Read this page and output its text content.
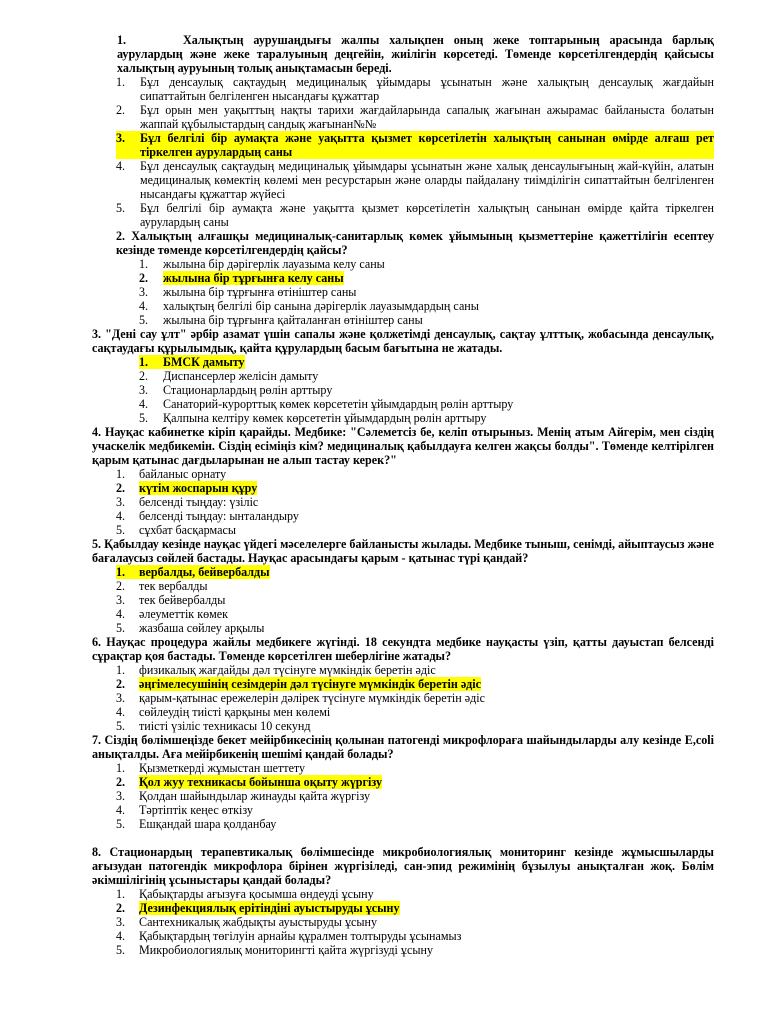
1.	Халықтың аурушаңдығы жалпы халықпен оның жеке топтарының арасында барлық аурулардың және жеке таралуының деңгейін, жиілігін көрсетеді. Төменде көрсетілгендердің қайсысы халықтың ауруының толық анықтамасын береді.
1.	Бұл денсаулық сақтаудың медициналық ұйымдары ұсынатын және халықтың денсаулық жағдайын сипаттайтын белгіленген нысандағы құжаттар
2.	Бұл орын мен уақыттың нақты тарихи жағдайларында сапалық жағынан ажырамас байланыста болатын жаппай құбылыстардың сандық жағынан№№
3.	Бұл белгілі бір аумақта және уақытта қызмет көрсетілетін халықтың санынан өмірде алғаш рет тіркелген аурулардың саны
4.	Бұл денсаулық сақтаудың медициналық ұйымдары ұсынатын және халық денсаулығының жай-күйін, алатын медициналық көмектің көлемі мен ресурстарын және оларды пайдалану тиімділігін сипаттайтын белгіленген нысандағы құжаттар жүйесі
5.	Бұл белгілі бір аумақта және уақытта қызмет көрсетілетін халықтың санынан өмірде қайта тіркелген аурулардың саны
2. Халықтың алғашқы медициналық-санитарлық көмек ұйымының қызметтеріне қажеттілігін есептеу кезінде төменде көрсетілгендердің қайсы?
1.	жылына бір дәрігерлік лауазыма келу саны
2.	жылына бір тұрғынға келу саны
3.	жылына бір тұрғынға өтініштер саны
4.	халықтың белгілі бір санына дәрігерлік лауазымдардың саны
5.	жылына бір тұрғынға қайталанған өтініштер саны
3. "Дені сау ұлт" әрбір азамат үшін сапалы және қолжетімді денсаулық, сақтау ұлттық, жобасында денсаулық, сақтаудағы құрылымдық, қайта құрулардың басым бағытына не жатады.
1. БМСК дамыту
2.	Диспансерлер желісін дамыту
3.	Стационарлардың рөлін арттыру
4.	Санаторий-курорттық көмек көрсететін ұйымдардың рөлін арттыру
5.	Қалпына келтіру көмек көрсететін ұйымдардың рөлін арттыру
4. Науқас кабинетке кіріп қарайды. Медбике: "Сәлеметсіз бе, келіп отырыныз. Менің атым Айгерім, мен сіздің учаскелік медбикемін. Сіздің есіміңіз кім? медициналық қабылдауға келген жақсы болды". Төменде келтірілген қарым қатынас дағдыларынан не алып тастау керек?"
1.	байланыс орнату
2.	күтім жоспарын құру
3.	белсенді тыңдау: үзіліс
4.	белсенді тыңдау: ынталандыру
5.	сұхбат басқармасы
5. Қабылдау кезінде науқас үйдегі мәселелерге байланысты жылады. Медбике тыныш, сенімді, айыптаусыз және бағалаусыз сөйлей бастады. Науқас арасындағы қарым - қатынас түрі қандай?
1. вербалды, бейвербалды
2.	тек вербалды
3.	тек бейвербалды
4.	әлеуметтік көмек
5.	жазбаша сөйлеу арқылы
6. Науқас процедура жайлы медбикеге жүгінді. 18 секундта медбике науқасты үзіп, қатты дауыстап белсенді сұрақтар қоя бастады. Төменде көрсетілген шеберлігіне жатады?
1.	физикалық жағдайды дәл түсінуге мүмкіндік беретін әдіс
2.	әңгімелесушінің сезімдерін дәл түсінуге мүмкіндік беретін әдіс
3.	қарым-қатынас ережелерін дәлірек түсінуге мүмкіндік беретін әдіс
4.	сөйлеудің тиісті қарқыны мен көлемі
5.	тиісті үзіліс техникасы 10 секунд
7. Сіздің бөлімшеңізде бекет мейірбикесінің қолынан патогенді микрофлораға шайындыларды алу кезінде E,coli анықталды. Аға мейірбикенің шешімі қандай болады?
1.	Қызметкерді жұмыстан шеттету
2.	Қол жуу техникасы бойынша оқыту жүргізу
3.	Қолдан шайындылар жинауды қайта жүргізу
4.	Тәртіптік кеңес өткізу
5.	Ешқандай шара қолданбау
8. Стационардың терапевтикалық бөлімшесінде микробиологиялық мониторинг кезінде жұмысшыларды ағызудан патогендік микрофлора бірінен жүргізіледі, сан-эпид режимінің бұзылуы анықталған жоқ. Бөлім әкімшілігінің ұсыныстары қандай болады?
1.	Қабықтарды ағызуға қосымша өндеуді ұсыну
2.	Дезинфекциялық ерітіндіні ауыстыруды ұсыну
3.	Сантехникалық жабдықты ауыстыруды ұсыну
4.	Қабықтардың төгілуін арнайы құралмен толтыруды ұсынамыз
5.	Микробиологиялық мониторингті қайта жүргізуді ұсыну
